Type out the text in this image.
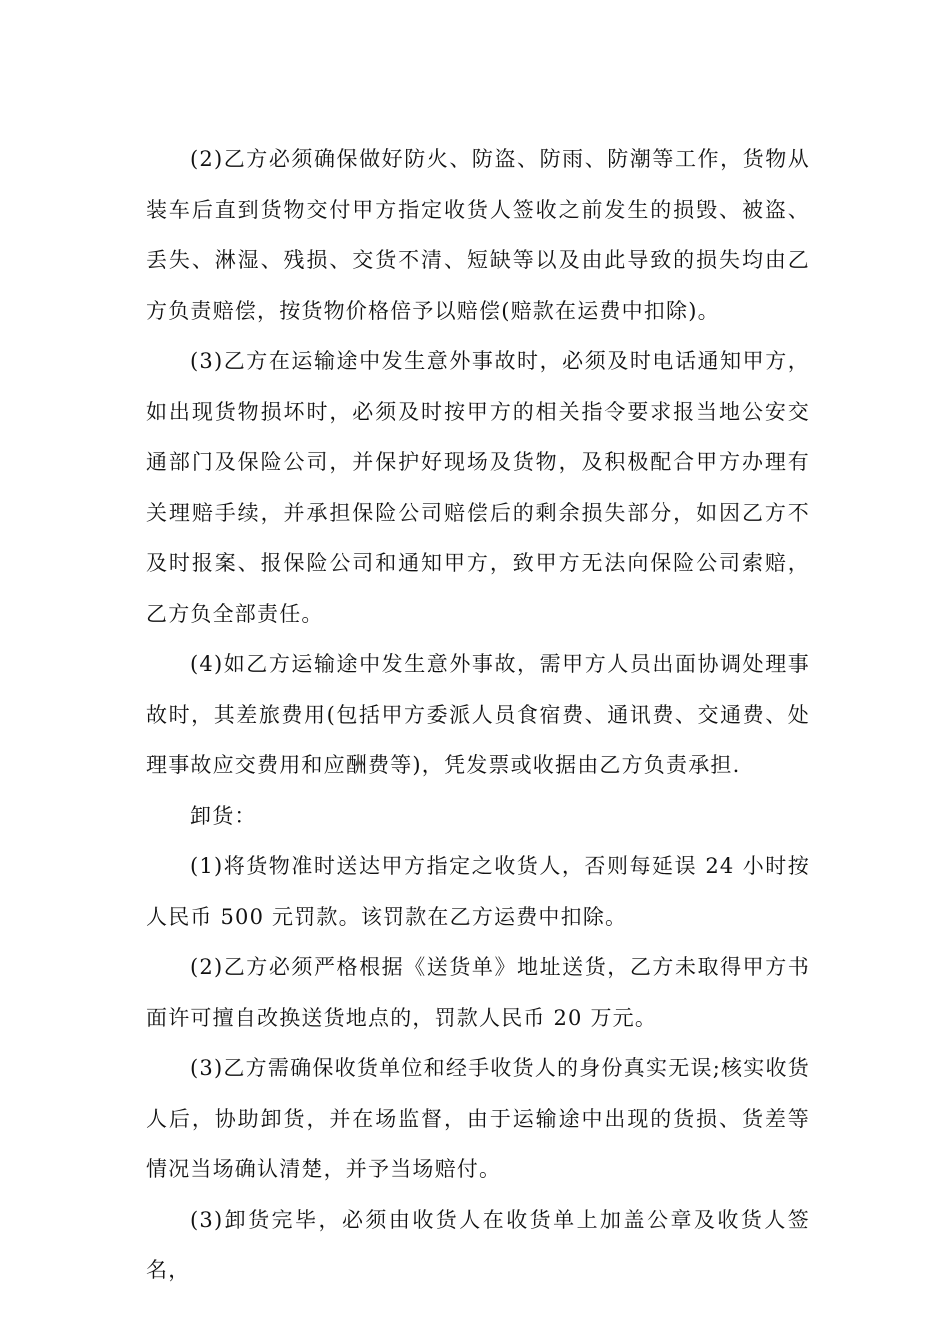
(2)乙方必须确保做好防火、防盗、防雨、防潮等工作，货物从装车后直到货物交付甲方指定收货人签收之前发生的损毁、被盗、丢失、淋湿、残损、交货不清、短缺等以及由此导致的损失均由乙方负责赔偿，按货物价格倍予以赔偿(赔款在运费中扣除)。

(3)乙方在运输途中发生意外事故时，必须及时电话通知甲方，如出现货物损坏时，必须及时按甲方的相关指令要求报当地公安交通部门及保险公司，并保护好现场及货物，及积极配合甲方办理有关理赔手续，并承担保险公司赔偿后的剩余损失部分，如因乙方不及时报案、报保险公司和通知甲方，致甲方无法向保险公司索赔，乙方负全部责任。

(4)如乙方运输途中发生意外事故，需甲方人员出面协调处理事故时，其差旅费用(包括甲方委派人员食宿费、通讯费、交通费、处理事故应交费用和应酬费等)，凭发票或收据由乙方负责承担.

卸货：

(1)将货物准时送达甲方指定之收货人，否则每延误 24 小时按人民币 500 元罚款。该罚款在乙方运费中扣除。

(2)乙方必须严格根据《送货单》地址送货，乙方未取得甲方书面许可擅自改换送货地点的，罚款人民币 20 万元。

(3)乙方需确保收货单位和经手收货人的身份真实无误;核实收货人后，协助卸货，并在场监督，由于运输途中出现的货损、货差等情况当场确认清楚，并予当场赔付。

(3)卸货完毕，必须由收货人在收货单上加盖公章及收货人签名，
